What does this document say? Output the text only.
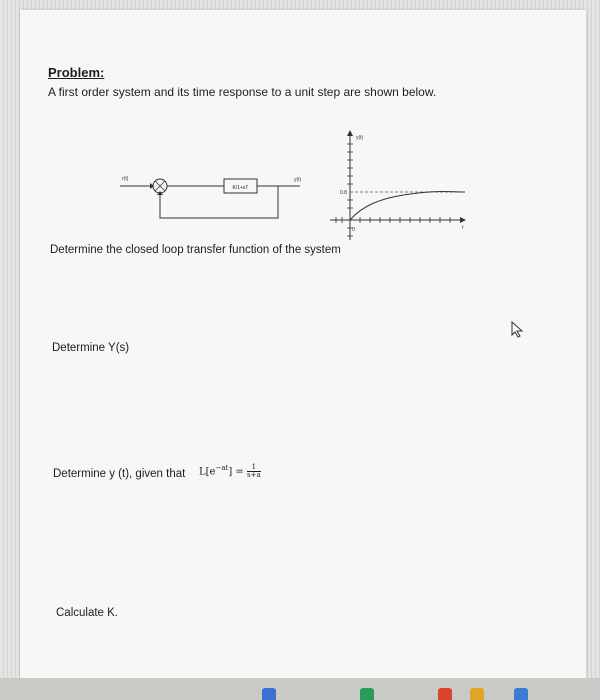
Problem:
A first order system and its time response to a unit step are shown below.
r(t)
K/1+sT
y(t)
y(t)
t
0.8
0
Determine the closed loop transfer function of the system
Determine Y(s)
Determine y (t), given that $L[e^{-at}] = \frac{1}{s+a}$
Calculate K.
